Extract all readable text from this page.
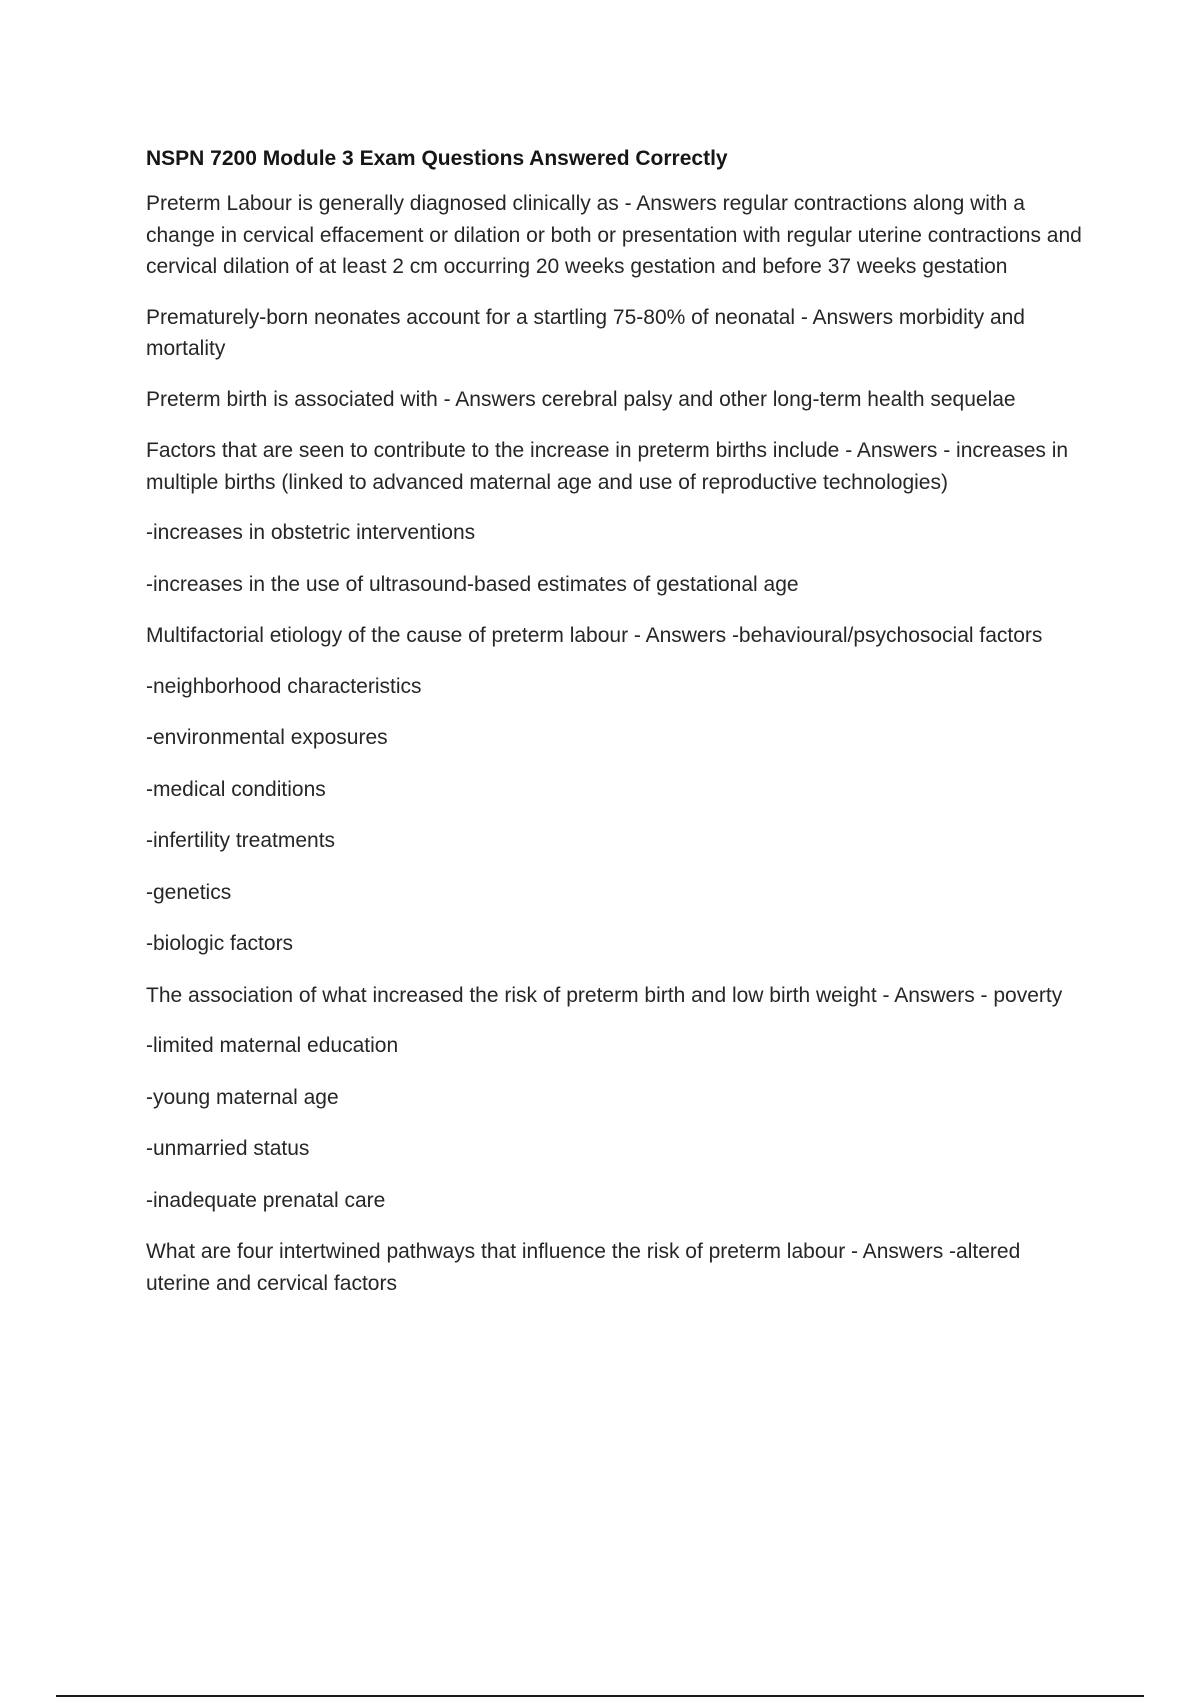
NSPN 7200 Module 3 Exam Questions Answered Correctly

Preterm Labour is generally diagnosed clinically as - Answers regular contractions along with a change in cervical effacement or dilation or both or presentation with regular uterine contractions and cervical dilation of at least 2 cm occurring 20 weeks gestation and before 37 weeks gestation

Prematurely-born neonates account for a startling 75-80% of neonatal - Answers morbidity and mortality

Preterm birth is associated with - Answers cerebral palsy and other long-term health sequelae

Factors that are seen to contribute to the increase in preterm births include - Answers - increases in multiple births (linked to advanced maternal age and use of reproductive technologies)

-increases in obstetric interventions

-increases in the use of ultrasound-based estimates of gestational age

Multifactorial etiology of the cause of preterm labour - Answers -behavioural/psychosocial factors

-neighborhood characteristics

-environmental exposures

-medical conditions

-infertility treatments

-genetics

-biologic factors

The association of what increased the risk of preterm birth and low birth weight - Answers - poverty

-limited maternal education

-young maternal age

-unmarried status

-inadequate prenatal care

What are four intertwined pathways that influence the risk of preterm labour - Answers -altered uterine and cervical factors
